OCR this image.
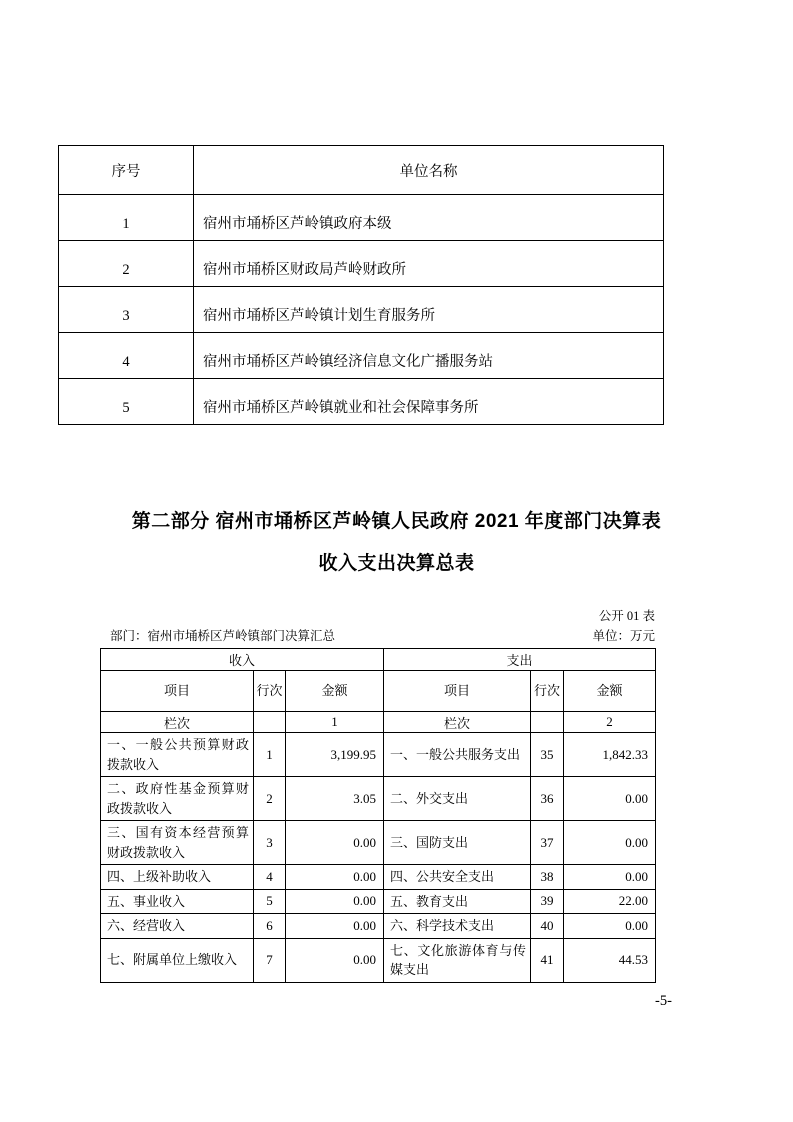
序号	单位名称
1	宿州市埇桥区芦岭镇政府本级
2	宿州市埇桥区财政局芦岭财政所
3	宿州市埇桥区芦岭镇计划生育服务所
4	宿州市埇桥区芦岭镇经济信息文化广播服务站
5	宿州市埇桥区芦岭镇就业和社会保障事务所
第二部分 宿州市埇桥区芦岭镇人民政府 2021 年度部门决算表
收入支出决算总表
公开 01 表
部门：宿州市埇桥区芦岭镇部门决算汇总	单位：万元
收入			支出		
项目	行次	金额	项目	行次	金额
栏次		1	栏次		2
一、一般公共预算财政拨款收入	1	3,199.95	一、一般公共服务支出	35	1,842.33
二、政府性基金预算财政拨款收入	2	3.05	二、外交支出	36	0.00
三、国有资本经营预算财政拨款收入	3	0.00	三、国防支出	37	0.00
四、上级补助收入	4	0.00	四、公共安全支出	38	0.00
五、事业收入	5	0.00	五、教育支出	39	22.00
六、经营收入	6	0.00	六、科学技术支出	40	0.00
七、附属单位上缴收入	7	0.00	七、文化旅游体育与传媒支出	41	44.53
-5-
